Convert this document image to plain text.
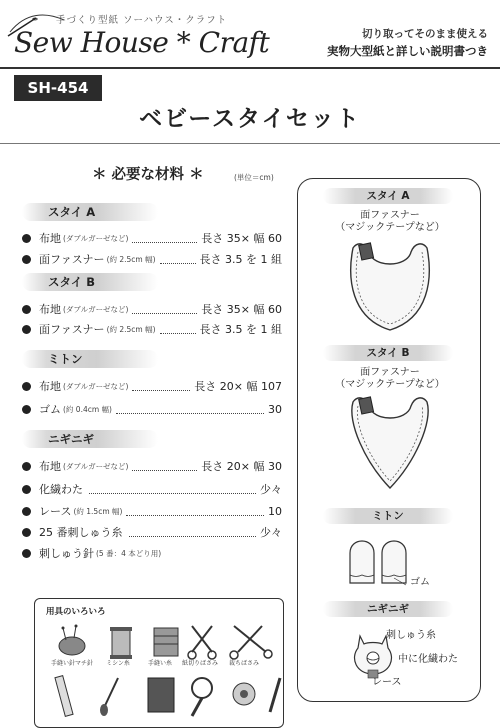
手づくり型紙 ソーハウス・クラフト
Sew House * Craft	切り取ってそのまま使える
実物大型紙と詳しい説明書つき
SH-454
ベビースタイセット
＊ 必要な材料 ＊	(単位＝cm)
スタイ A
布地 (ダブルガーゼなど)	長さ 35× 幅 60
面ファスナー (約 2.5cm 幅)	長さ 3.5 を 1 組
スタイ B
布地 (ダブルガーゼなど)	長さ 35× 幅 60
面ファスナー (約 2.5cm 幅)	長さ 3.5 を 1 組
ミトン
布地 (ダブルガーゼなど)	長さ 20× 幅 107
ゴム (約 0.4cm 幅)	30
ニギニギ
布地 (ダブルガーゼなど)	長さ 20× 幅 30
化繊わた	少々
レース (約 1.5cm 幅)	10
25 番刺しゅう糸	少々
刺しゅう針 (5 番：4 本どり用)
スタイ A
面ファスナー
（マジックテープなど）
スタイ B
面ファスナー
（マジックテープなど）
ミトン
ゴム
ニギニギ
刺しゅう糸
中に化繊わた
レース
用具のいろいろ
手縫い針マチ針	ミシン糸	手縫い糸	紙切りばさみ	裁ちばさみ
